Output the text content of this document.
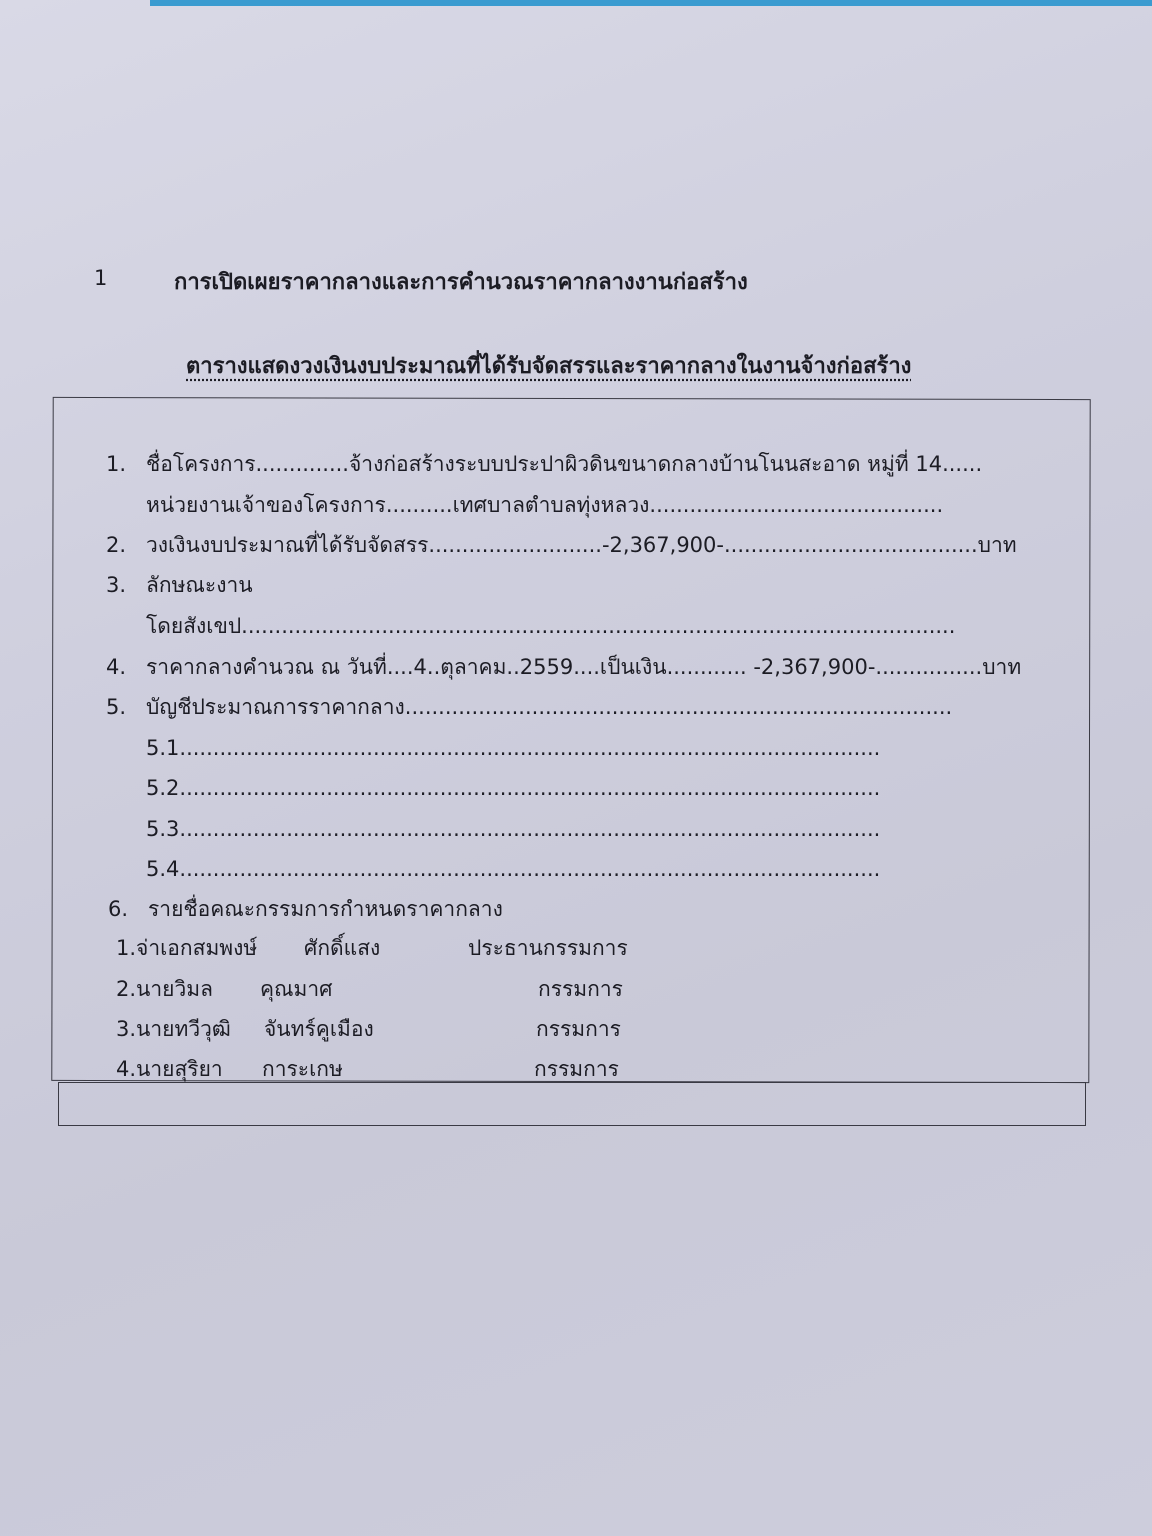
1	การเปิดเผยราคากลางและการคำนวณราคากลางงานก่อสร้าง
ตารางแสดงวงเงินงบประมาณที่ได้รับจัดสรรและราคากลางในงานจ้างก่อสร้าง
1. ชื่อโครงการ..............จ้างก่อสร้างระบบประปาผิวดินขนาดกลางบ้านโนนสะอาด หมู่ที่ 14......
หน่วยงานเจ้าของโครงการ..........เทศบาลตำบลทุ่งหลวง............................................
2. วงเงินงบประมาณที่ได้รับจัดสรร..........................-2,367,900-......................................บาท
3. ลักษณะงาน
โดยสังเขป...........................................................................................................
4. ราคากลางคำนวณ ณ วันที่....4..ตุลาคม..2559....เป็นเงิน............ -2,367,900-................บาท
5. บัญชีประมาณการราคากลาง..................................................................................
5.1.........................................................................................................
5.2.........................................................................................................
5.3.........................................................................................................
5.4.........................................................................................................
6. รายชื่อคณะกรรมการกำหนดราคากลาง
1.จ่าเอกสมพงษ์ ศักดิ์แสง	ประธานกรรมการ
2.นายวิมล คุณมาศ	กรรมการ
3.นายทวีวุฒิ จันทร์คูเมือง	กรรมการ
4.นายสุริยา การะเกษ	กรรมการ
